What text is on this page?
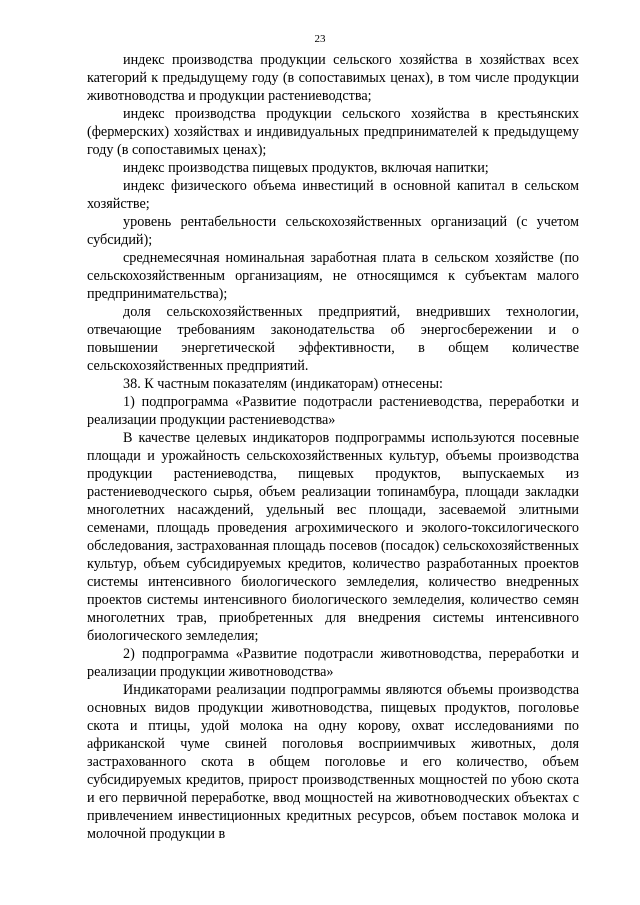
23

индекс производства продукции сельского хозяйства в хозяйствах всех категорий к предыдущему году (в сопоставимых ценах), в том числе продукции животноводства и продукции растениеводства;

индекс производства продукции сельского хозяйства в крестьянских (фермерских) хозяйствах и индивидуальных предпринимателей к предыдущему году (в сопоставимых ценах);

индекс производства пищевых продуктов, включая напитки;

индекс физического объема инвестиций в основной капитал в сельском хозяйстве;

уровень рентабельности сельскохозяйственных организаций (с учетом субсидий);

среднемесячная номинальная заработная плата в сельском хозяйстве (по сельскохозяйственным организациям, не относящимся к субъектам малого предпринимательства);

доля сельскохозяйственных предприятий, внедривших технологии, отвечающие требованиям законодательства об энергосбережении и о повышении энергетической эффективности, в общем количестве сельскохозяйственных предприятий.

38. К частным показателям (индикаторам) отнесены:

1) подпрограмма «Развитие подотрасли растениеводства, переработки и реализации продукции растениеводства»

В качестве целевых индикаторов подпрограммы используются посевные площади и урожайность сельскохозяйственных культур, объемы производства продукции растениеводства, пищевых продуктов, выпускаемых из растениеводческого сырья, объем реализации топинамбура, площади закладки многолетних насаждений, удельный вес площади, засеваемой элитными семенами, площадь проведения агрохимического и эколого-токсилогического обследования, застрахованная площадь посевов (посадок) сельскохозяйственных культур, объем субсидируемых кредитов, количество разработанных проектов системы интенсивного биологического земледелия, количество внедренных проектов системы интенсивного биологического земледелия, количество семян многолетних трав, приобретенных для внедрения системы интенсивного биологического земледелия;

2) подпрограмма «Развитие подотрасли животноводства, переработки и реализации продукции животноводства»

Индикаторами реализации подпрограммы являются объемы производства основных видов продукции животноводства, пищевых продуктов, поголовье скота и птицы, удой молока на одну корову, охват исследованиями по африканской чуме свиней поголовья восприимчивых животных, доля застрахованного скота в общем поголовье и его количество, объем субсидируемых кредитов, прирост производственных мощностей по убою скота и его первичной переработке, ввод мощностей на животноводческих объектах с привлечением инвестиционных кредитных ресурсов, объем поставок молока и молочной продукции в
